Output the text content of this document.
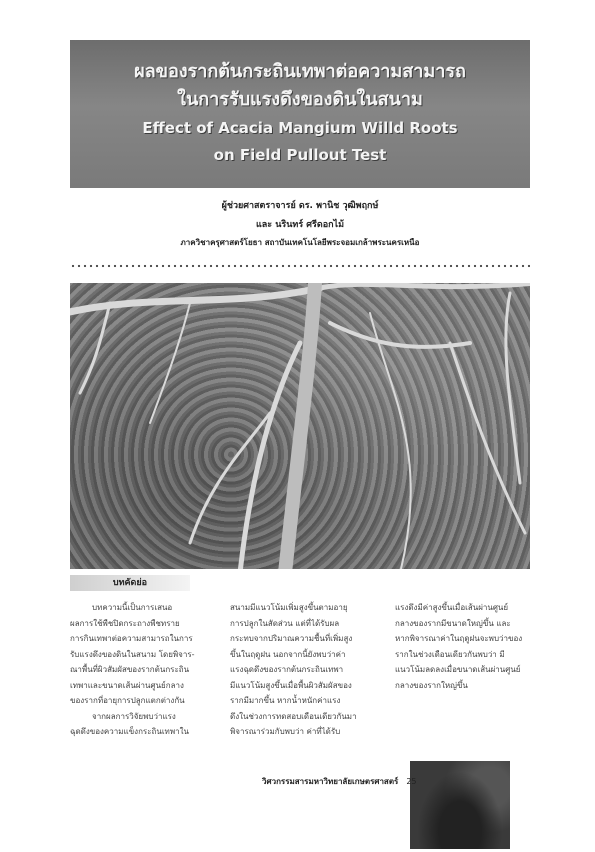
ผลของรากต้นกระถินเทพาต่อความสามารถ
ในการรับแรงดึงของดินในสนาม
Effect of Acacia Mangium Willd Roots
on Field Pullout Test
ผู้ช่วยศาสตราจารย์ ดร. พานิช วุฒิพฤกษ์
และ นรินทร์ ศรีดอกไม้
ภาควิชาครุศาสตร์โยธา สถาบันเทคโนโลยีพระจอมเกล้าพระนครเหนือ
บทคัดย่อ

บทความนี้เป็นการเสนอ

ผลการใช้พืชปิดกระถางพืชทราย

การกินเทพาต่อความสามารถในการ

รับแรงดึงของดินในสนาม โดยพิจาร-

ณาพื้นที่ผิวสัมผัสของรากต้นกระถิน

เทพาและขนาดเส้นผ่านศูนย์กลาง

ของรากที่อายุการปลูกแตกต่างกัน

จากผลการวิจัยพบว่าแรง

ฉุดดึงของความแข็งกระถินเทพาใน

สนามมีแนวโน้มเพิ่มสูงขึ้นตามอายุ

การปลูกในสัดส่วน แต่ที่ได้รับผล

กระทบจากปริมาณความชื้นที่เพิ่มสูง

ขึ้นในฤดูฝน นอกจากนี้ยังพบว่าค่า

แรงฉุดดึงของรากต้นกระถินเทพา

มีแนวโน้มสูงขึ้นเมื่อพื้นผิวสัมผัสของ

รากมีมากขึ้น หากน้ำหนักค่าแรง

ดึงในช่วงการทดสอบเดือนเดียวกันมา

พิจารณาร่วมกับพบว่า ค่าที่ได้รับ

แรงดึงมีค่าสูงขึ้นเมื่อเส้นผ่านศูนย์

กลางของรากมีขนาดใหญ่ขึ้น และ

หากพิจารณาค่าในฤดูฝนจะพบว่าของ

รากในช่วงเดือนเดียวกันพบว่า มี

แนวโน้มลดลงเมื่อขนาดเส้นผ่านศูนย์

กลางของรากใหญ่ขึ้น

วิศวกรรมสารมหาวิทยาลัยเกษตรศาสตร์ 25
